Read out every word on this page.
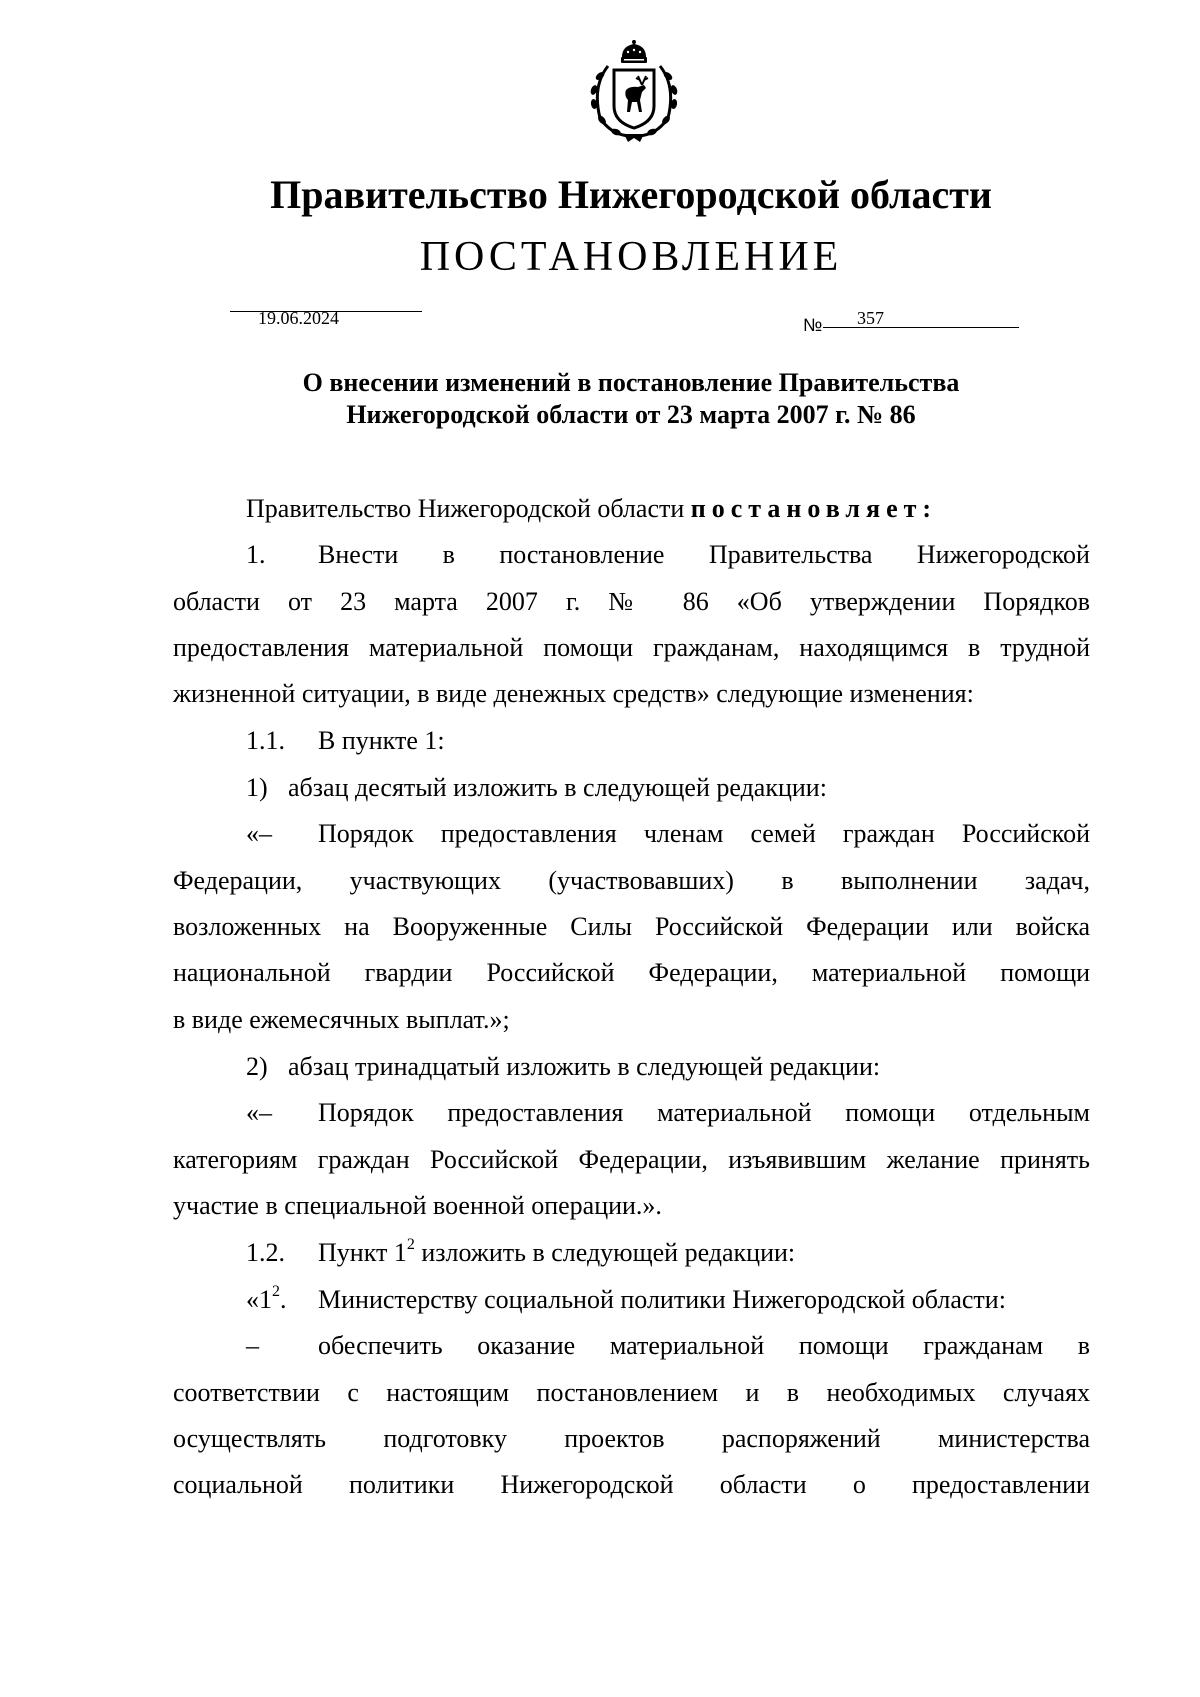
Правительство Нижегородской области
ПОСТАНОВЛЕНИЕ
19.06.2024	№ 357
О внесении изменений в постановление Правительства
Нижегородской области от 23 марта 2007 г. № 86
Правительство Нижегородской области постановляет:
1. Внести в постановление Правительства Нижегородской
области от 23 марта 2007 г. № 86 «Об утверждении Порядков
предоставления материальной помощи гражданам, находящимся в трудной
жизненной ситуации, в виде денежных средств» следующие изменения:
1.1. В пункте 1:
1) абзац десятый изложить в следующей редакции:
«– Порядок предоставления членам семей граждан Российской
Федерации, участвующих (участвовавших) в выполнении задач,
возложенных на Вооруженные Силы Российской Федерации или войска
национальной гвардии Российской Федерации, материальной помощи
в виде ежемесячных выплат.»;
2) абзац тринадцатый изложить в следующей редакции:
«– Порядок предоставления материальной помощи отдельным
категориям граждан Российской Федерации, изъявившим желание принять
участие в специальной военной операции.».
1.2. Пункт $1^2$ изложить в следующей редакции:
«$1^2$. Министерству социальной политики Нижегородской области:
– обеспечить оказание материальной помощи гражданам в
соответствии с настоящим постановлением и в необходимых случаях
осуществлять подготовку проектов распоряжений министерства
социальной политики Нижегородской области о предоставлении
